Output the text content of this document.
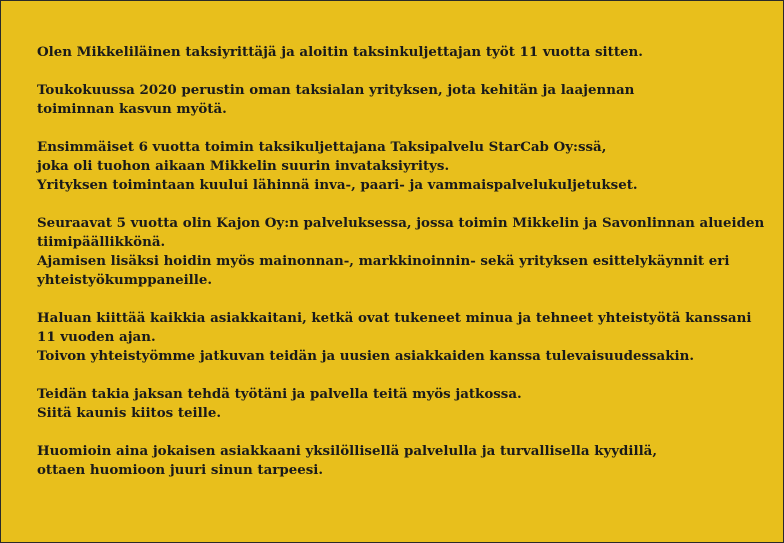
Olen Mikkeliläinen taksiyrittäjä ja aloitin taksinkuljettajan työt 11 vuotta sitten.

Toukokuussa 2020 perustin oman taksialan yrityksen, jota kehitän ja laajennan
toiminnan kasvun myötä.

Ensimmäiset 6 vuotta toimin taksikuljettajana Taksipalvelu StarCab Oy:ssä,
joka oli tuohon aikaan Mikkelin suurin invataksiyritys.
Yrityksen toimintaan kuului lähinnä inva-, paari- ja vammaispalvelukuljetukset.

Seuraavat 5 vuotta olin Kajon Oy:n palveluksessa, jossa toimin Mikkelin ja Savonlinnan alueiden
tiimipäällikkönä.
Ajamisen lisäksi hoidin myös mainonnan-, markkinoinnin- sekä yrityksen esittelykäynnit eri
yhteistyökumppaneille.

Haluan kiittää kaikkia asiakkaitani, ketkä ovat tukeneet minua ja tehneet yhteistyötä kanssani
11 vuoden ajan.
Toivon yhteistyömme jatkuvan teidän ja uusien asiakkaiden kanssa tulevaisuudessakin.

Teidän takia jaksan tehdä työtäni ja palvella teitä myös jatkossa.
Siitä kaunis kiitos teille.

Huomioin aina jokaisen asiakkaani yksilöllisellä palvelulla ja turvallisella kyydillä,
ottaen huomioon juuri sinun tarpeesi.
